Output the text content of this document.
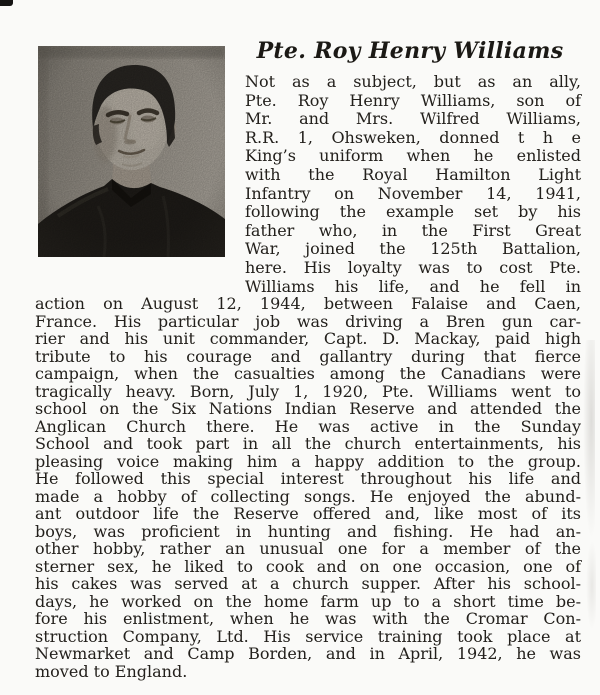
Pte. Roy Henry Williams
Not as a subject, but as an ally,
Pte. Roy Henry Williams, son of
Mr. and Mrs. Wilfred Williams,
R.R. 1, Ohsweken, donned t h e
King’s uniform when he enlisted
with the Royal Hamilton Light
Infantry on November 14, 1941,
following the example set by his
father who, in the First Great
War, joined the 125th Battalion,
here. His loyalty was to cost Pte.
Williams his life, and he fell in
action on August 12, 1944, between Falaise and Caen,
France. His particular job was driving a Bren gun car-
rier and his unit commander, Capt. D. Mackay, paid high
tribute to his courage and gallantry during that fierce
campaign, when the casualties among the Canadians were
tragically heavy. Born, July 1, 1920, Pte. Williams went to
school on the Six Nations Indian Reserve and attended the
Anglican Church there. He was active in the Sunday
School and took part in all the church entertainments, his
pleasing voice making him a happy addition to the group.
He followed this special interest throughout his life and
made a hobby of collecting songs. He enjoyed the abund-
ant outdoor life the Reserve offered and, like most of its
boys, was proficient in hunting and fishing. He had an-
other hobby, rather an unusual one for a member of the
sterner sex, he liked to cook and on one occasion, one of
his cakes was served at a church supper. After his school-
days, he worked on the home farm up to a short time be-
fore his enlistment, when he was with the Cromar Con-
struction Company, Ltd. His service training took place at
Newmarket and Camp Borden, and in April, 1942, he was
moved to England.
